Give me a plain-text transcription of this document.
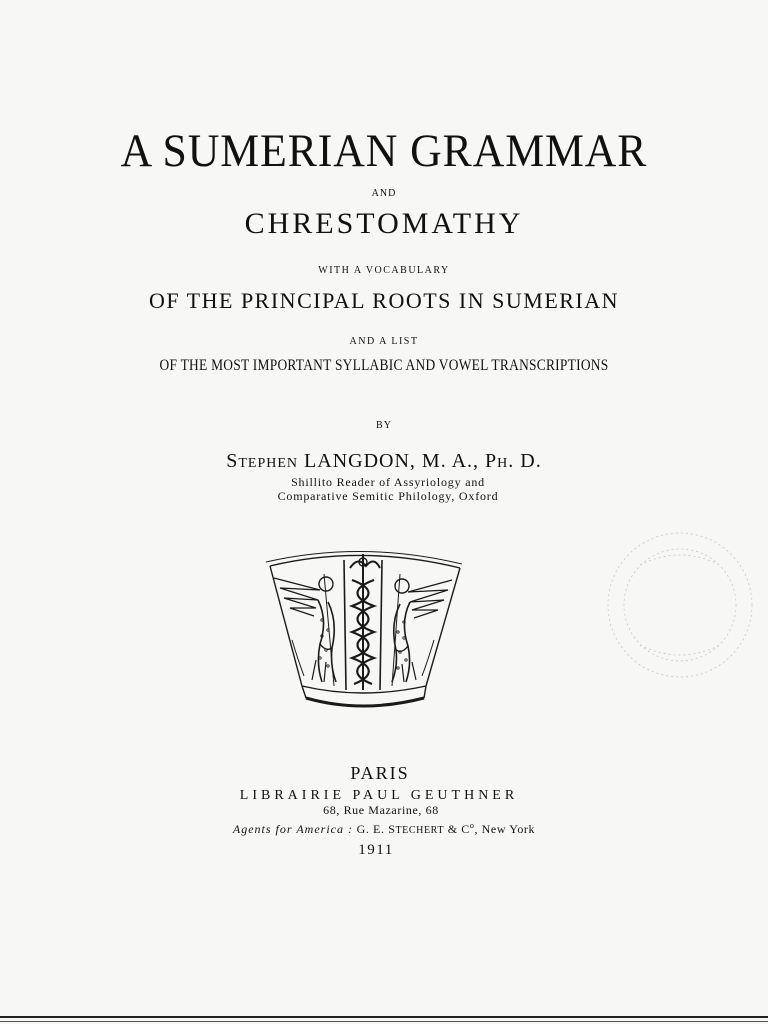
A SUMERIAN GRAMMAR
AND
CHRESTOMATHY
WITH A VOCABULARY
OF THE PRINCIPAL ROOTS IN SUMERIAN
AND A LIST
OF THE MOST IMPORTANT SYLLABIC AND VOWEL TRANSCRIPTIONS
BY
STEPHEN LANGDON, M. A., PH. D.
Shillito Reader of Assyriology and
Comparative Semitic Philology, Oxford
PARIS
LIBRAIRIE PAUL GEUTHNER
68, Rue Mazarine, 68
Agents for America : G. E. STECHERT & $C^o$, New York
1911
